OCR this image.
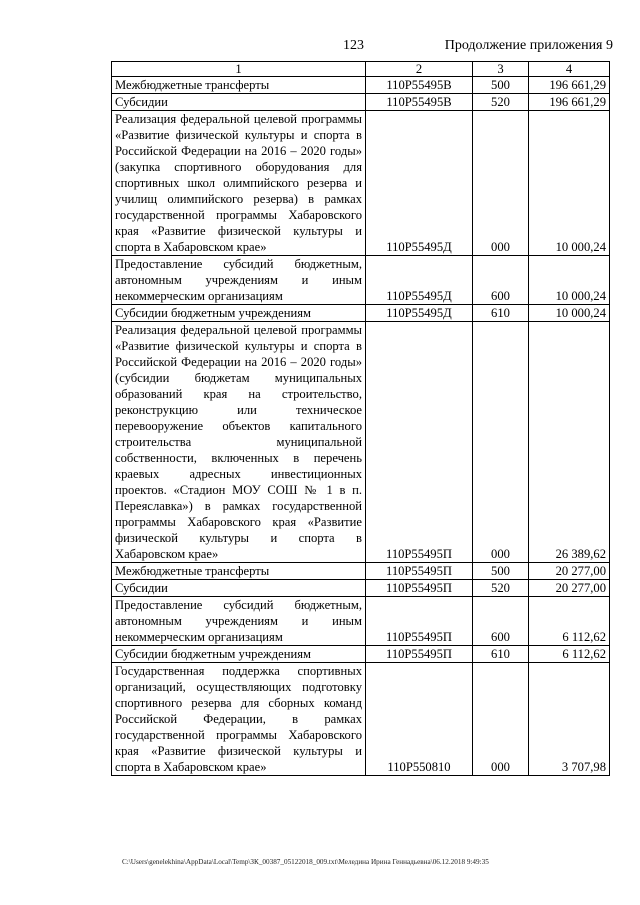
123	Продолжение приложения 9
1	2	3	4
Межбюджетные трансферты	110P55495B	500	196 661,29
Субсидии	110P55495B	520	196 661,29
Реализация федеральной целевой программы «Развитие физической культуры и спорта в Российской Федерации на 2016 – 2020 годы» (закупка спортивного оборудования для спортивных школ олимпийского резерва и училищ олимпийского резерва) в рамках государственной программы Хабаровского края «Развитие физической культуры и спорта в Хабаровском крае»	110P55495Д	000	10 000,24
Предоставление субсидий бюджетным, автономным учреждениям и иным некоммерческим организациям	110P55495Д	600	10 000,24
Субсидии бюджетным учреждениям	110P55495Д	610	10 000,24
Реализация федеральной целевой программы «Развитие физической культуры и спорта в Российской Федерации на 2016 – 2020 годы» (субсидии бюджетам муниципальных образований края на строительство, реконструкцию или техническое перевооружение объектов капитального строительства муниципальной собственности, включенных в перечень краевых адресных инвестиционных проектов. «Стадион МОУ СОШ № 1 в п. Переяславка») в рамках государственной программы Хабаровского края «Развитие физической культуры и спорта в Хабаровском крае»	110P55495П	000	26 389,62
Межбюджетные трансферты	110P55495П	500	20 277,00
Субсидии	110P55495П	520	20 277,00
Предоставление субсидий бюджетным, автономным учреждениям и иным некоммерческим организациям	110P55495П	600	6 112,62
Субсидии бюджетным учреждениям	110P55495П	610	6 112,62
Государственная поддержка спортивных организаций, осуществляющих подготовку спортивного резерва для сборных команд Российской Федерации, в рамках государственной программы Хабаровского края «Развитие физической культуры и спорта в Хабаровском крае»	110P550810	000	3 707,98
C:\Users\genelekhina\AppData\Local\Temp\ЗК_00387_05122018_009.txt\Меледина Ирина Геннадьевна\06.12.2018 9:49:35
